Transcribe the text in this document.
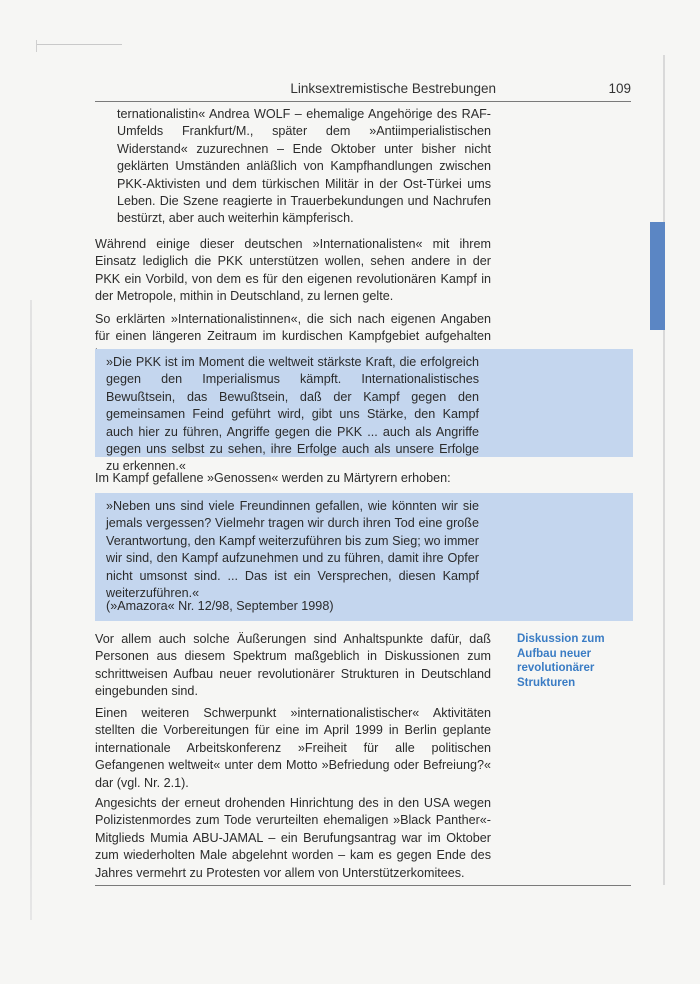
Linksextremistische Bestrebungen	109

ternationalistin« Andrea WOLF – ehemalige Angehörige des RAF-Umfelds Frankfurt/M., später dem »Antiimperialistischen Widerstand« zuzurechnen – Ende Oktober unter bisher nicht geklärten Umständen anläßlich von Kampfhandlungen zwischen PKK-Aktivisten und dem türkischen Militär in der Ost-Türkei ums Leben. Die Szene reagierte in Trauerbekundungen und Nachrufen bestürzt, aber auch weiterhin kämpferisch.

Während einige dieser deutschen »Internationalisten« mit ihrem Einsatz lediglich die PKK unterstützen wollen, sehen andere in der PKK ein Vorbild, von dem es für den eigenen revolutionären Kampf in der Metropole, mithin in Deutschland, zu lernen gelte.

So erklärten »Internationalistinnen«, die sich nach eigenen Angaben für einen längeren Zeitraum im kurdischen Kampfgebiet aufgehalten

»Die PKK ist im Moment die weltweit stärkste Kraft, die erfolgreich gegen den Imperialismus kämpft. Internationalistisches Bewußtsein, das Bewußtsein, daß der Kampf gegen den gemeinsamen Feind geführt wird, gibt uns Stärke, den Kampf auch hier zu führen, Angriffe gegen die PKK ... auch als Angriffe gegen uns selbst zu sehen, ihre Erfolge auch als unsere Erfolge zu erkennen.«

Im Kampf gefallene »Genossen« werden zu Märtyrern erhoben:

»Neben uns sind viele Freundinnen gefallen, wie könnten wir sie jemals vergessen? Vielmehr tragen wir durch ihren Tod eine große Verantwortung, den Kampf weiterzuführen bis zum Sieg; wo immer wir sind, den Kampf aufzunehmen und zu führen, damit ihre Opfer nicht umsonst sind. ... Das ist ein Versprechen, diesen Kampf weiterzuführen.«

(»Amazora« Nr. 12/98, September 1998)

Vor allem auch solche Äußerungen sind Anhaltspunkte dafür, daß Personen aus diesem Spektrum maßgeblich in Diskussionen zum schrittweisen Aufbau neuer revolutionärer Strukturen in Deutschland eingebunden sind.

Diskussion zum Aufbau neuer revolutionärer Strukturen

Einen weiteren Schwerpunkt »internationalistischer« Aktivitäten stellten die Vorbereitungen für eine im April 1999 in Berlin geplante internationale Arbeitskonferenz »Freiheit für alle politischen Gefangenen weltweit« unter dem Motto »Befriedung oder Befreiung?« dar (vgl. Nr. 2.1).

Angesichts der erneut drohenden Hinrichtung des in den USA wegen Polizistenmordes zum Tode verurteilten ehemaligen »Black Panther«-Mitglieds Mumia ABU-JAMAL – ein Berufungsantrag war im Oktober zum wiederholten Male abgelehnt worden – kam es gegen Ende des Jahres vermehrt zu Protesten vor allem von Unterstützerkomitees.
